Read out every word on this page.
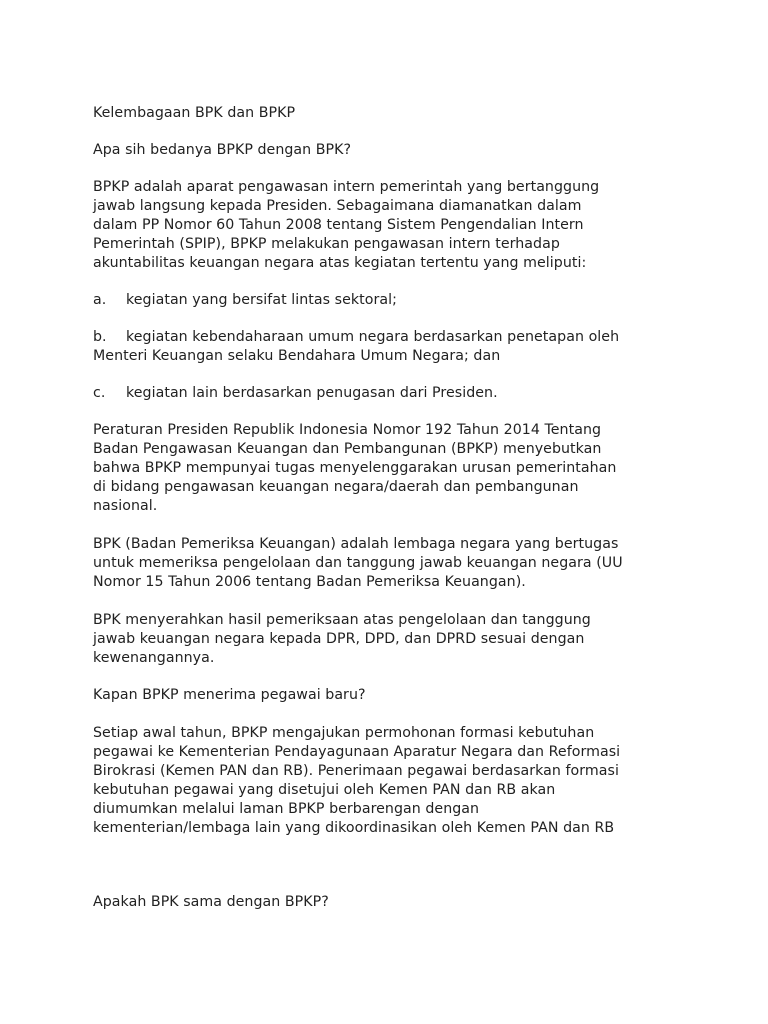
Kelembagaan BPK dan BPKP
Apa sih bedanya BPKP dengan BPK?
BPKP adalah aparat pengawasan intern pemerintah yang bertanggung
jawab langsung kepada Presiden. Sebagaimana diamanatkan dalam
dalam PP Nomor 60 Tahun 2008 tentang Sistem Pengendalian Intern
Pemerintah (SPIP), BPKP melakukan pengawasan intern terhadap
akuntabilitas keuangan negara atas kegiatan tertentu yang meliputi:
a. kegiatan yang bersifat lintas sektoral;
b. kegiatan kebendaharaan umum negara berdasarkan penetapan oleh
Menteri Keuangan selaku Bendahara Umum Negara; dan
c. kegiatan lain berdasarkan penugasan dari Presiden.
Peraturan Presiden Republik Indonesia Nomor 192 Tahun 2014 Tentang
Badan Pengawasan Keuangan dan Pembangunan (BPKP) menyebutkan
bahwa BPKP mempunyai tugas menyelenggarakan urusan pemerintahan
di bidang pengawasan keuangan negara/daerah dan pembangunan
nasional.
BPK (Badan Pemeriksa Keuangan) adalah lembaga negara yang bertugas
untuk memeriksa pengelolaan dan tanggung jawab keuangan negara (UU
Nomor 15 Tahun 2006 tentang Badan Pemeriksa Keuangan).
BPK menyerahkan hasil pemeriksaan atas pengelolaan dan tanggung
jawab keuangan negara kepada DPR, DPD, dan DPRD sesuai dengan
kewenangannya.
Kapan BPKP menerima pegawai baru?
Setiap awal tahun, BPKP mengajukan permohonan formasi kebutuhan
pegawai ke Kementerian Pendayagunaan Aparatur Negara dan Reformasi
Birokrasi (Kemen PAN dan RB). Penerimaan pegawai berdasarkan formasi
kebutuhan pegawai yang disetujui oleh Kemen PAN dan RB akan
diumumkan melalui laman BPKP berbarengan dengan
kementerian/lembaga lain yang dikoordinasikan oleh Kemen PAN dan RB
Apakah BPK sama dengan BPKP?
